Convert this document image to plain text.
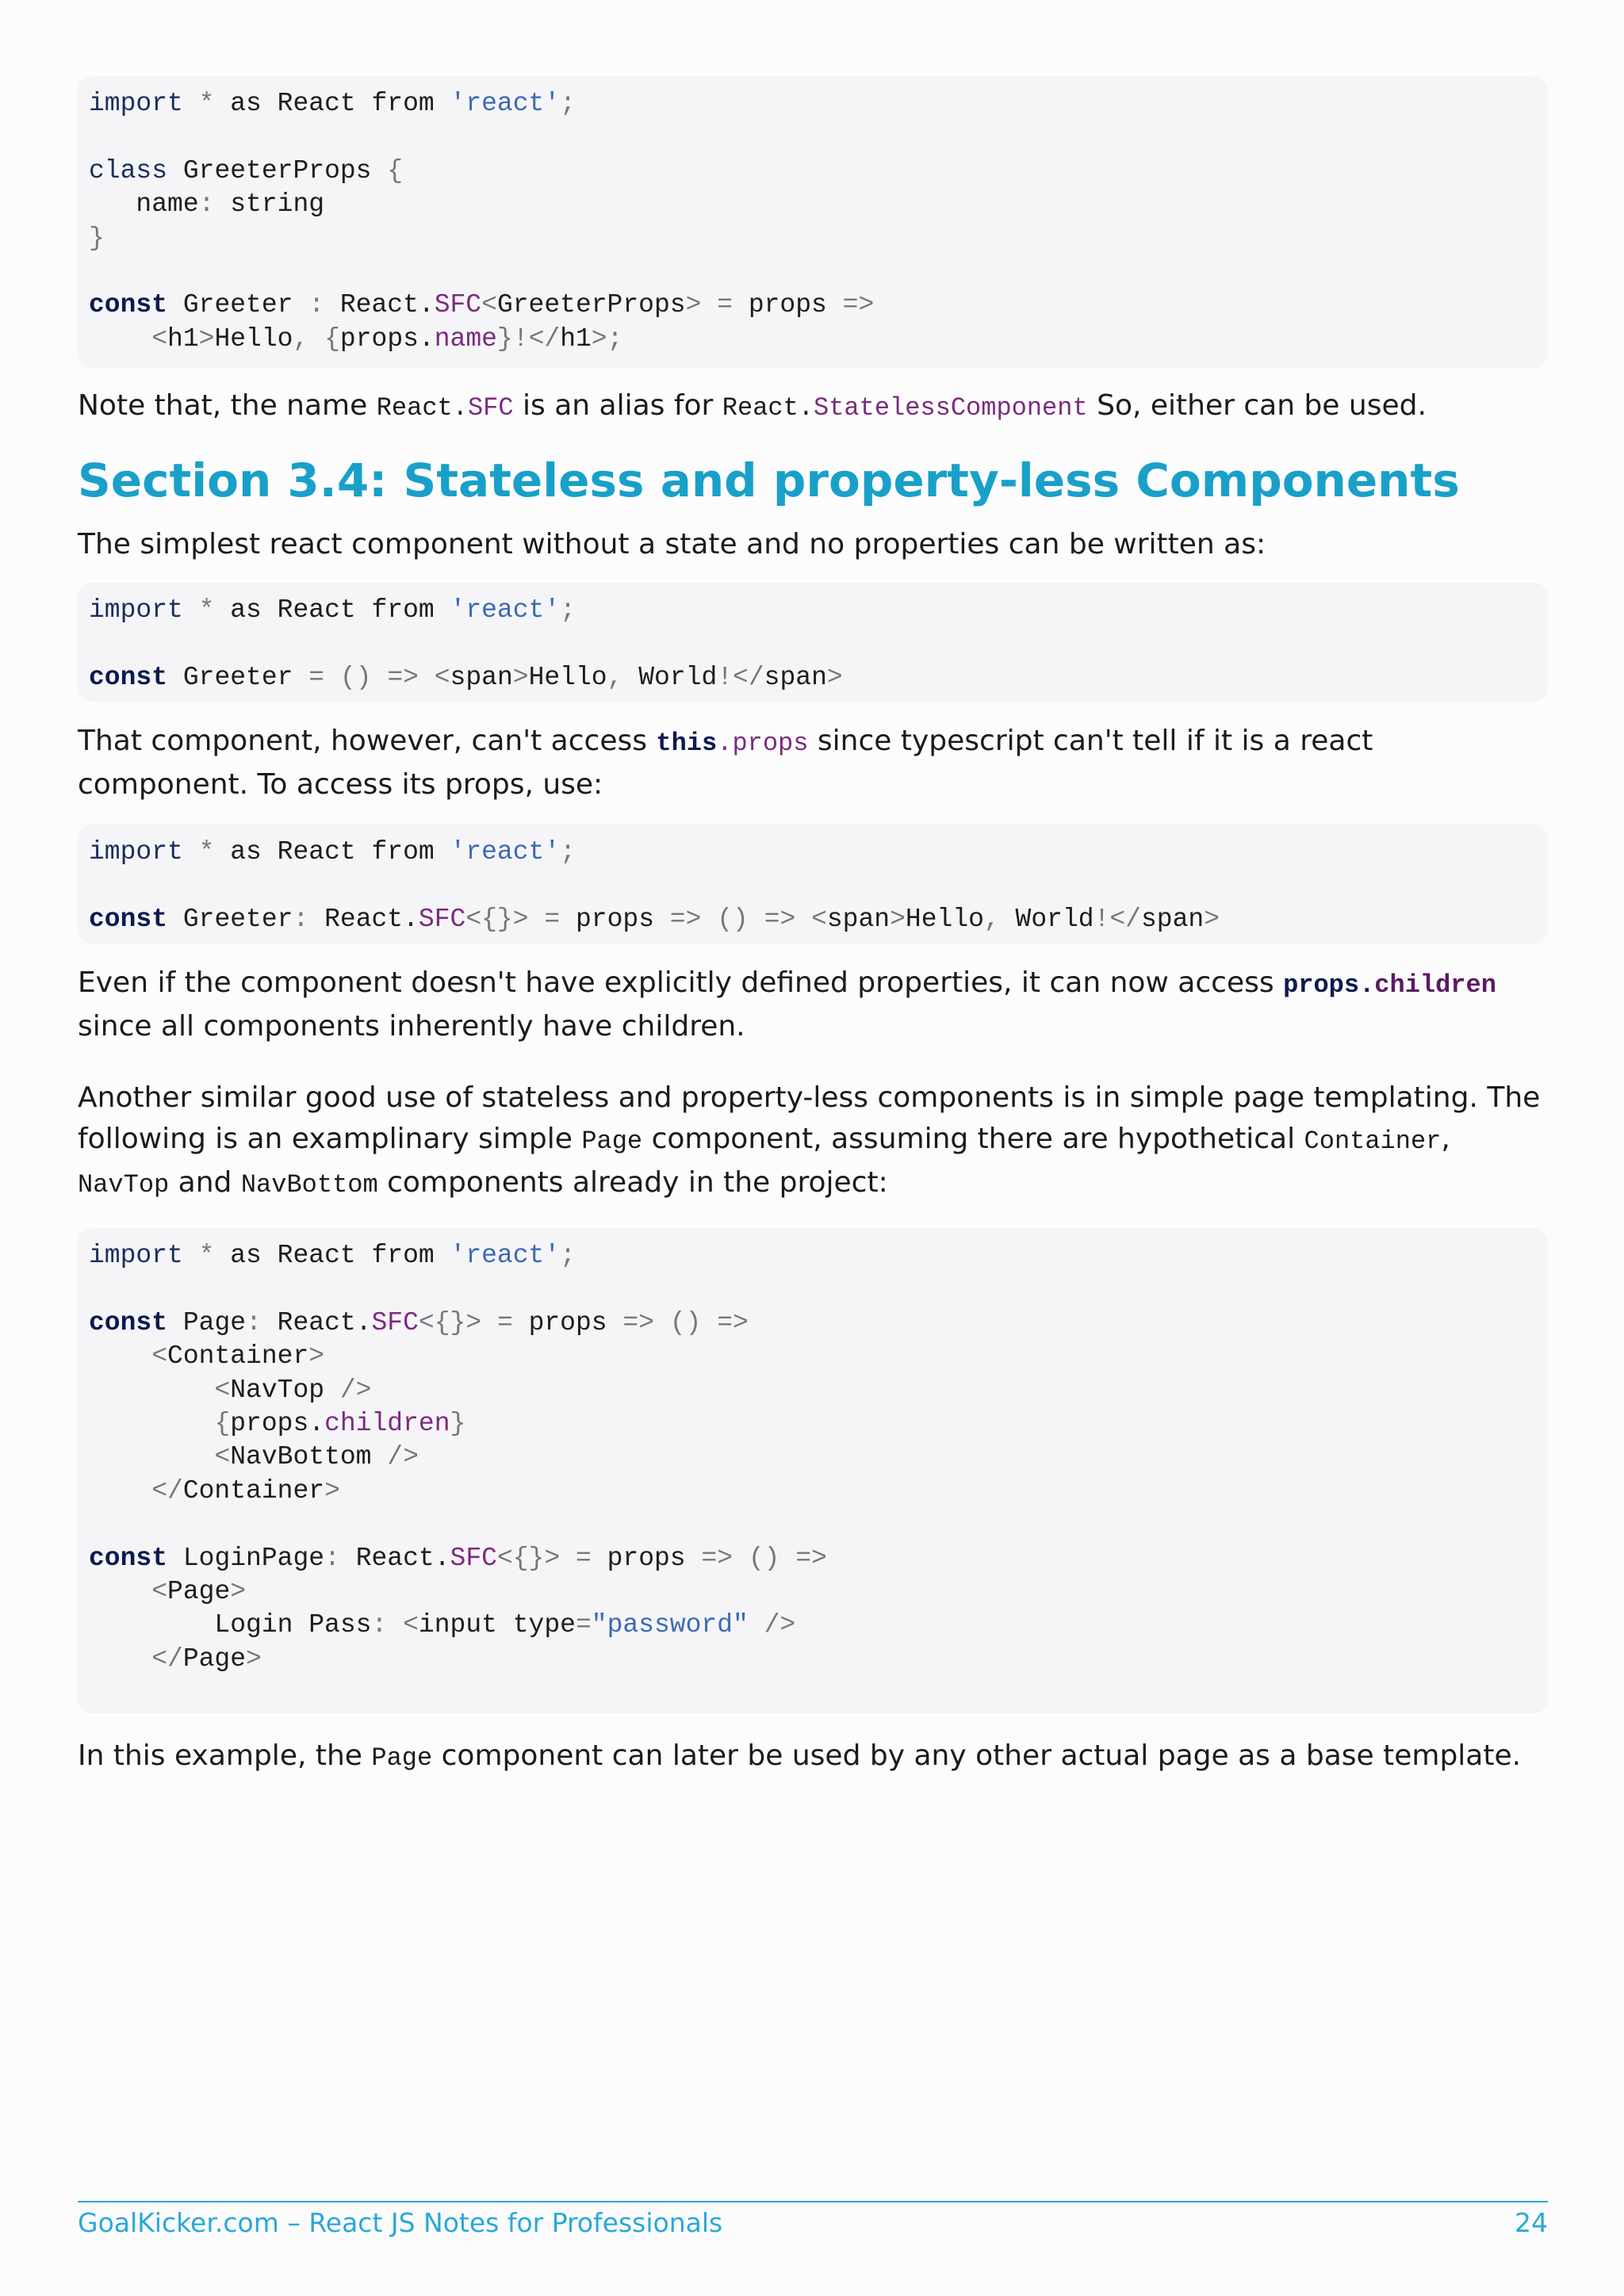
import * as React from 'react';
class GreeterProps {
name: string
}
const Greeter : React.SFC<GreeterProps> = props =>
<h1>Hello, {props.name}!</h1>;

Note that, the name React.SFC is an alias for React.StatelessComponent So, either can be used.

Section 3.4: Stateless and property-less Components

The simplest react component without a state and no properties can be written as:

import * as React from 'react';
const Greeter = () => <span>Hello, World!</span>

That component, however, can't access this.props since typescript can't tell if it is a react component. To access its props, use:

import * as React from 'react';
const Greeter: React.SFC<{}> = props => () => <span>Hello, World!</span>

Even if the component doesn't have explicitly defined properties, it can now access props.children since all components inherently have children.

Another similar good use of stateless and property-less components is in simple page templating. The following is an examplinary simple Page component, assuming there are hypothetical Container, NavTop and NavBottom components already in the project:

import * as React from 'react';
const Page: React.SFC<{}> = props => () =>
<Container>
<NavTop />
{props.children}
<NavBottom />
</Container>
const LoginPage: React.SFC<{}> = props => () =>
<Page>
Login Pass: <input type="password" />
</Page>

In this example, the Page component can later be used by any other actual page as a base template.

GoalKicker.com – React JS Notes for Professionals	24
